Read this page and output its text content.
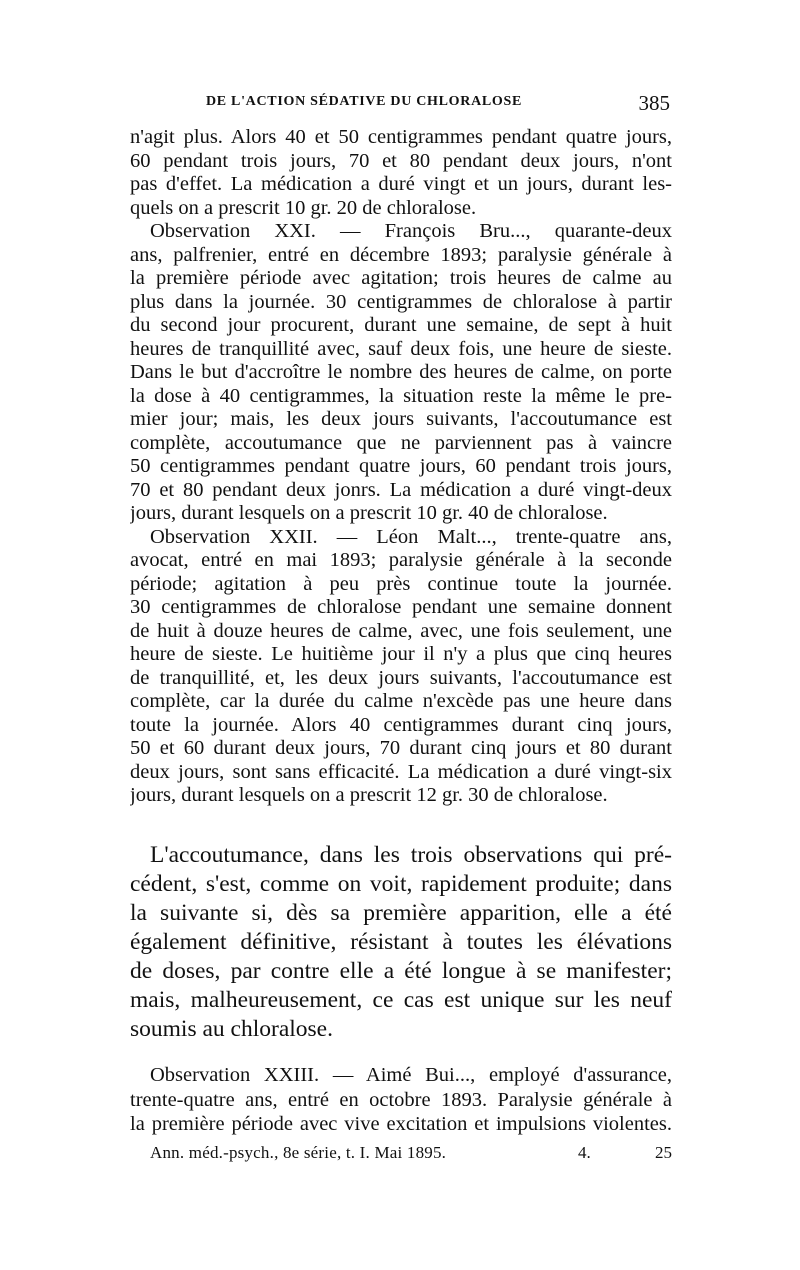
DE L'ACTION SÉDATIVE DU CHLORALOSE	385
n'agit plus. Alors 40 et 50 centigrammes pendant quatre jours,
60 pendant trois jours, 70 et 80 pendant deux jours, n'ont
pas d'effet. La médication a duré vingt et un jours, durant les-
quels on a prescrit 10 gr. 20 de chloralose.
Observation XXI. — François Bru..., quarante-deux
ans, palfrenier, entré en décembre 1893; paralysie générale à
la première période avec agitation; trois heures de calme au
plus dans la journée. 30 centigrammes de chloralose à partir
du second jour procurent, durant une semaine, de sept à huit
heures de tranquillité avec, sauf deux fois, une heure de sieste.
Dans le but d'accroître le nombre des heures de calme, on porte
la dose à 40 centigrammes, la situation reste la même le pre-
mier jour; mais, les deux jours suivants, l'accoutumance est
complète, accoutumance que ne parviennent pas à vaincre
50 centigrammes pendant quatre jours, 60 pendant trois jours,
70 et 80 pendant deux jonrs. La médication a duré vingt-deux
jours, durant lesquels on a prescrit 10 gr. 40 de chloralose.
Observation XXII. — Léon Malt..., trente-quatre ans,
avocat, entré en mai 1893; paralysie générale à la seconde
période; agitation à peu près continue toute la journée.
30 centigrammes de chloralose pendant une semaine donnent
de huit à douze heures de calme, avec, une fois seulement, une
heure de sieste. Le huitième jour il n'y a plus que cinq heures
de tranquillité, et, les deux jours suivants, l'accoutumance est
complète, car la durée du calme n'excède pas une heure dans
toute la journée. Alors 40 centigrammes durant cinq jours,
50 et 60 durant deux jours, 70 durant cinq jours et 80 durant
deux jours, sont sans efficacité. La médication a duré vingt-six
jours, durant lesquels on a prescrit 12 gr. 30 de chloralose.
L'accoutumance, dans les trois observations qui pré-
cédent, s'est, comme on voit, rapidement produite; dans
la suivante si, dès sa première apparition, elle a été
également définitive, résistant à toutes les élévations
de doses, par contre elle a été longue à se manifester;
mais, malheureusement, ce cas est unique sur les neuf
soumis au chloralose.
Observation XXIII. — Aimé Bui..., employé d'assurance,
trente-quatre ans, entré en octobre 1893. Paralysie générale à
la première période avec vive excitation et impulsions violentes.
Ann. méd.-psych., 8e série, t. I. Mai 1895.	4.	25
